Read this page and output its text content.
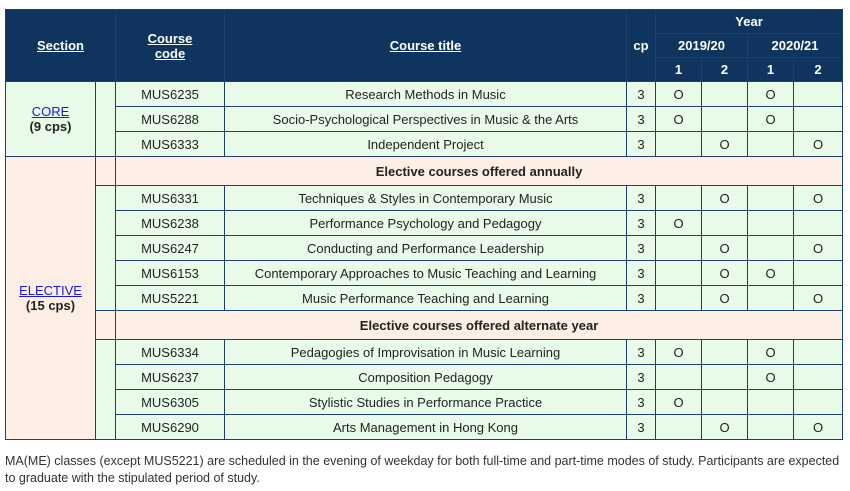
Section		Course
code	Course title	cp	Year			
					2019/20		2020/21	
					1	2	1	2
CORE
(9 cps)		MUS6235	Research Methods in Music	3	O		O	
		MUS6288	Socio-Psychological Perspectives in Music & the Arts	3	O		O	
		MUS6333	Independent Project	3		O		O
ELECTIVE
(15 cps)		Elective courses offered annually						
		MUS6331	Techniques & Styles in Contemporary Music	3		O		O
		MUS6238	Performance Psychology and Pedagogy	3	O			
		MUS6247	Conducting and Performance Leadership	3		O		O
		MUS6153	Contemporary Approaches to Music Teaching and Learning	3		O	O	
		MUS5221	Music Performance Teaching and Learning	3		O		O
		Elective courses offered alternate year						
		MUS6334	Pedagogies of Improvisation in Music Learning	3	O		O	
		MUS6237	Composition Pedagogy	3			O	
		MUS6305	Stylistic Studies in Performance Practice	3	O			
		MUS6290	Arts Management in Hong Kong	3		O		O
MA(ME) classes (except MUS5221) are scheduled in the evening of weekday for both full-time and part-time modes of study. Participants are expected to graduate with the stipulated period of study.
